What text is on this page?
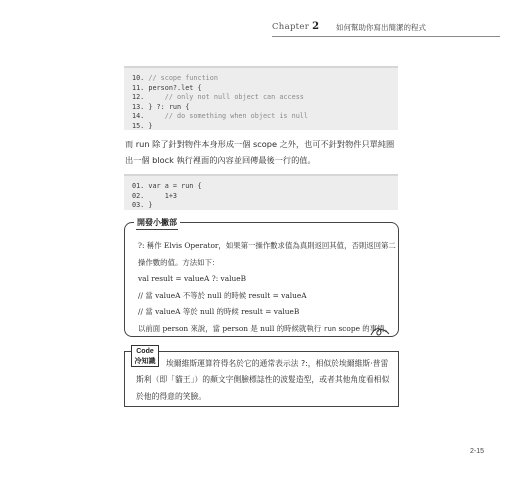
Chapter 2 如何幫助你寫出簡潔的程式
10. // scope function
11. person?.let {
12.	// only not null object can access
13. } ?: run {
14.	// do something when object is null
15. }

而 run 除了針對物件本身形成一個 scope 之外，也可不針對物件只單純圈出一個 block 執行裡面的內容並回傳最後一行的值。

01. var a = run {
02.     1+3
03. }
開發小撇部
?: 稱作 Elvis Operator，如果第一操作數求值為真則返回其值，否則返回第二操作數的值。方法如下：
val result = valueA ?: valueB
// 當 valueA 不等於 null 的時候 result = valueA
// 當 valueA 等於 null 的時候 result = valueB
以前面 person 來說，當 person 是 null 的時候就執行 run scope 的事情。
Code
冷知識	埃爾維斯運算符得名於它的通常表示法 ?:，相似於埃爾維斯·普雷斯利（即「貓王」）的顏文字側臉標誌性的波髮造型，或者其他角度看相似於他的得意的笑臉。

2-15
